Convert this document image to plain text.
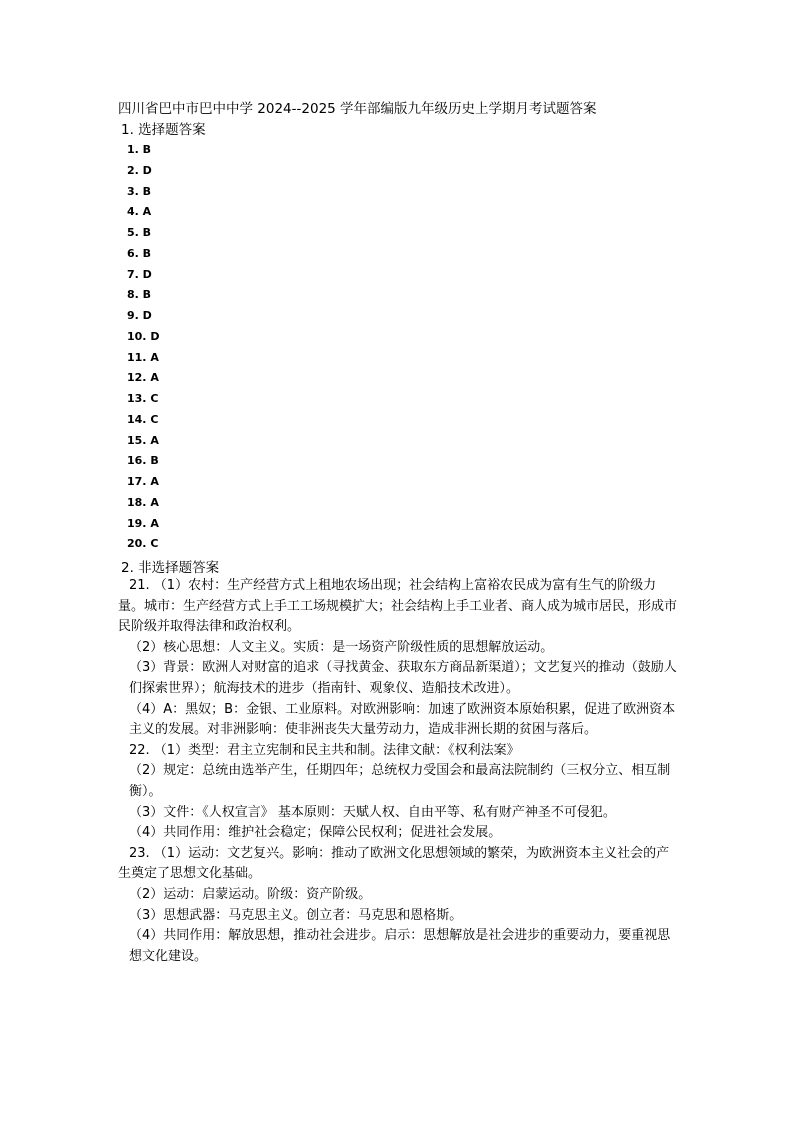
四川省巴中市巴中中学 2024--2025 学年部编版九年级历史上学期月考试题答案
1. 选择题答案
1. B
2. D
3. B
4. A
5. B
6. B
7. D
8. B
9. D
10. D
11. A
12. A
13. C
14. C
15. A
16. B
17. A
18. A
19. A
20. C
2. 非选择题答案

21. （1）农村：生产经营方式上租地农场出现；社会结构上富裕农民成为富有生气的阶级力量。城市：生产经营方式上手工工场规模扩大；社会结构上手工业者、商人成为城市居民，形成市民阶级并取得法律和政治权利。

（2）核心思想：人文主义。实质：是一场资产阶级性质的思想解放运动。

（3）背景：欧洲人对财富的追求（寻找黄金、获取东方商品新渠道）；文艺复兴的推动（鼓励人们探索世界）；航海技术的进步（指南针、观象仪、造船技术改进）。

（4）A：黑奴；B：金银、工业原料。对欧洲影响：加速了欧洲资本原始积累，促进了欧洲资本主义的发展。对非洲影响：使非洲丧失大量劳动力，造成非洲长期的贫困与落后。

22. （1）类型：君主立宪制和民主共和制。法律文献：《权利法案》

（2）规定：总统由选举产生，任期四年；总统权力受国会和最高法院制约（三权分立、相互制衡）。

（3）文件：《人权宣言》 基本原则：天赋人权、自由平等、私有财产神圣不可侵犯。

（4）共同作用：维护社会稳定；保障公民权利；促进社会发展。

23. （1）运动：文艺复兴。影响：推动了欧洲文化思想领域的繁荣，为欧洲资本主义社会的产生奠定了思想文化基础。

（2）运动：启蒙运动。阶级：资产阶级。

（3）思想武器：马克思主义。创立者：马克思和恩格斯。

（4）共同作用：解放思想，推动社会进步。启示：思想解放是社会进步的重要动力，要重视思想文化建设。
